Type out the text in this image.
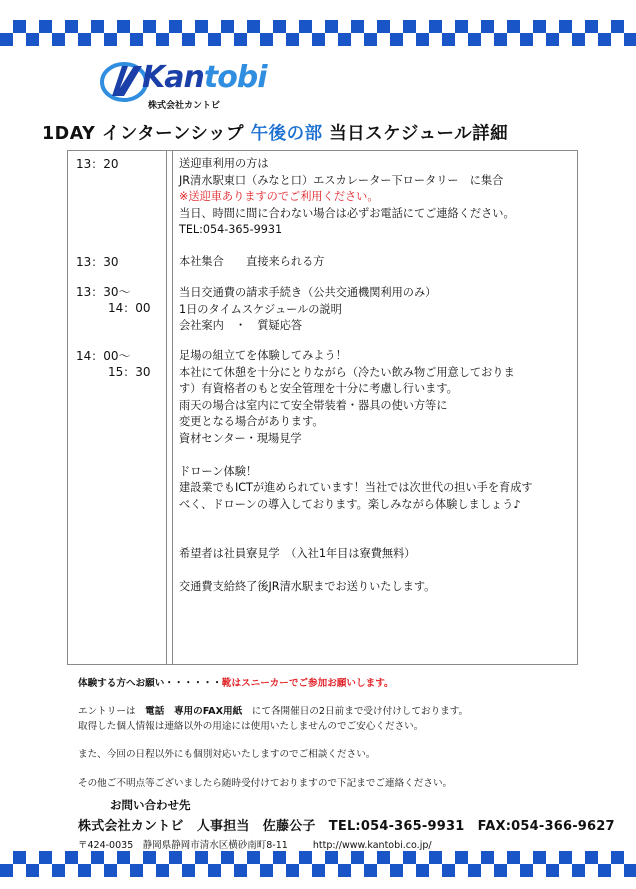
Kantobi
株式会社カントビ
1DAY インターンシップ 午後の部 当日スケジュール詳細
13：20
13：30
13：30～
14：00
14：00～
15：30
送迎車利用の方は
JR清水駅東口（みなと口）エスカレーター下ロータリー　に集合
※送迎車ありますのでご利用ください。
当日、時間に間に合わない場合は必ずお電話にてご連絡ください。
TEL:054-365-9931
本社集合　　直接来られる方
当日交通費の請求手続き（公共交通機関利用のみ）
1日のタイムスケジュールの説明
会社案内　・　質疑応答
足場の組立てを体験してみよう！
本社にて休憩を十分にとりながら（冷たい飲み物ご用意しておりま
す）有資格者のもと安全管理を十分に考慮し行います。
雨天の場合は室内にて安全帯装着・器具の使い方等に
変更となる場合があります。
資材センター・現場見学

ドローン体験！
建設業でもICTが進められています！当社では次世代の担い手を育成す
べく、ドローンの導入しております。楽しみながら体験しましょう♪

希望者は社員寮見学　（入社1年目は寮費無料）

交通費支給終了後JR清水駅までお送りいたします。
体験する方へお願い・・・・・・靴はスニーカーでご参加お願いします。
エントリーは　電話　 専用のFAX用紙　にて各開催日の2日前まで受け付けしております。
取得した個人情報は連絡以外の用途には使用いたしませんのでご安心ください。
また、今回の日程以外にも個別対応いたしますのでご相談ください。
その他ご不明点等ございましたら随時受付けておりますので下記までご連絡ください。
お問い合わせ先
株式会社カントビ　人事担当　佐藤公子　TEL:054-365-9931　FAX:054-366-9627
〒424-0035　静岡県静岡市清水区横砂南町8-11	http://www.kantobi.co.jp/
